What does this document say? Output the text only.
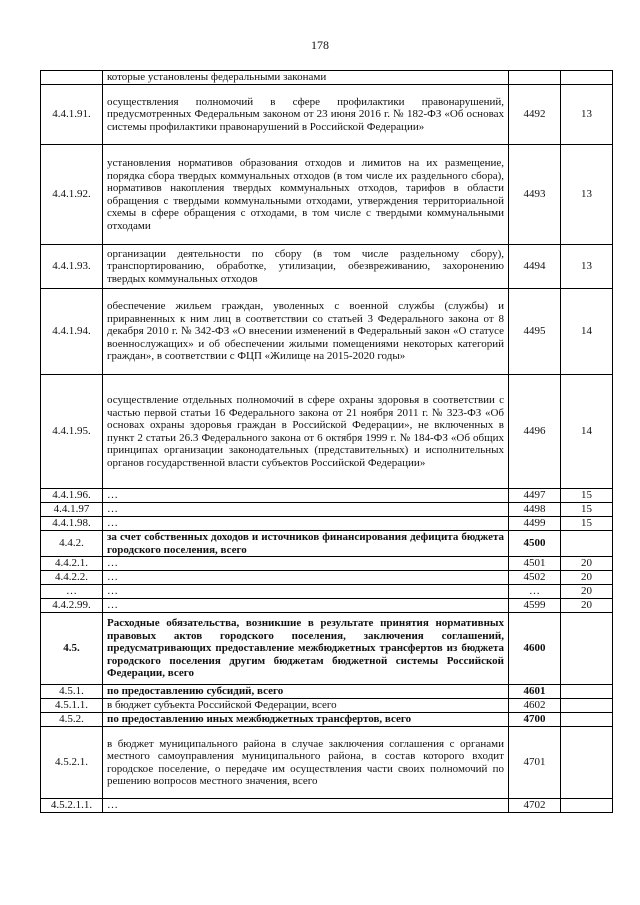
178
	которые установлены федеральными законами		
4.4.1.91.	осуществления полномочий в сфере профилактики правонарушений, предусмотренных Федеральным законом от 23 июня 2016 г. № 182-ФЗ «Об основах системы профилактики правонарушений в Российской Федерации»	4492	13
4.4.1.92.	установления нормативов образования отходов и лимитов на их размещение, порядка сбора твердых коммунальных отходов (в том числе их раздельного сбора), нормативов накопления твердых коммунальных отходов, тарифов в области обращения с твердыми коммунальными отходами, утверждения территориальной схемы в сфере обращения с отходами, в том числе с твердыми коммунальными отходами	4493	13
4.4.1.93.	организации деятельности по сбору (в том числе раздельному сбору), транспортированию, обработке, утилизации, обезвреживанию, захоронению твердых коммунальных отходов	4494	13
4.4.1.94.	обеспечение жильем граждан, уволенных с военной службы (службы) и приравненных к ним лиц в соответствии со статьей 3 Федерального закона от 8 декабря 2010 г. № 342-ФЗ «О внесении изменений в Федеральный закон «О статусе военнослужащих» и об обеспечении жилыми помещениями некоторых категорий граждан», в соответствии с ФЦП «Жилище на 2015-2020 годы»	4495	14
4.4.1.95.	осуществление отдельных полномочий в сфере охраны здоровья в соответствии с частью первой статьи 16 Федерального закона от 21 ноября 2011 г. № 323-ФЗ «Об основах охраны здоровья граждан в Российской Федерации», не включенных в пункт 2 статьи 26.3 Федерального закона от 6 октября 1999 г. № 184-ФЗ «Об общих принципах организации законодательных (представительных) и исполнительных органов государственной власти субъектов Российской Федерации»	4496	14
4.4.1.96.	…	4497	15
4.4.1.97	…	4498	15
4.4.1.98.	…	4499	15
4.4.2.	за счет собственных доходов и источников финансирования дефицита бюджета городского поселения, всего	4500	
4.4.2.1.	…	4501	20
4.4.2.2.	…	4502	20
…	…	…	20
4.4.2.99.	…	4599	20
4.5.	Расходные обязательства, возникшие в результате принятия нормативных правовых актов городского поселения, заключения соглашений, предусматривающих предоставление межбюджетных трансфертов из бюджета городского поселения другим бюджетам бюджетной системы Российской Федерации, всего	4600	
4.5.1.	по предоставлению субсидий, всего	4601	
4.5.1.1.	в бюджет субъекта Российской Федерации, всего	4602	
4.5.2.	по предоставлению иных межбюджетных трансфертов, всего	4700	
4.5.2.1.	в бюджет муниципального района в случае заключения соглашения с органами местного самоуправления муниципального района, в состав которого входит городское поселение, о передаче им осуществления части своих полномочий по решению вопросов местного значения, всего	4701	
4.5.2.1.1.	…	4702	
